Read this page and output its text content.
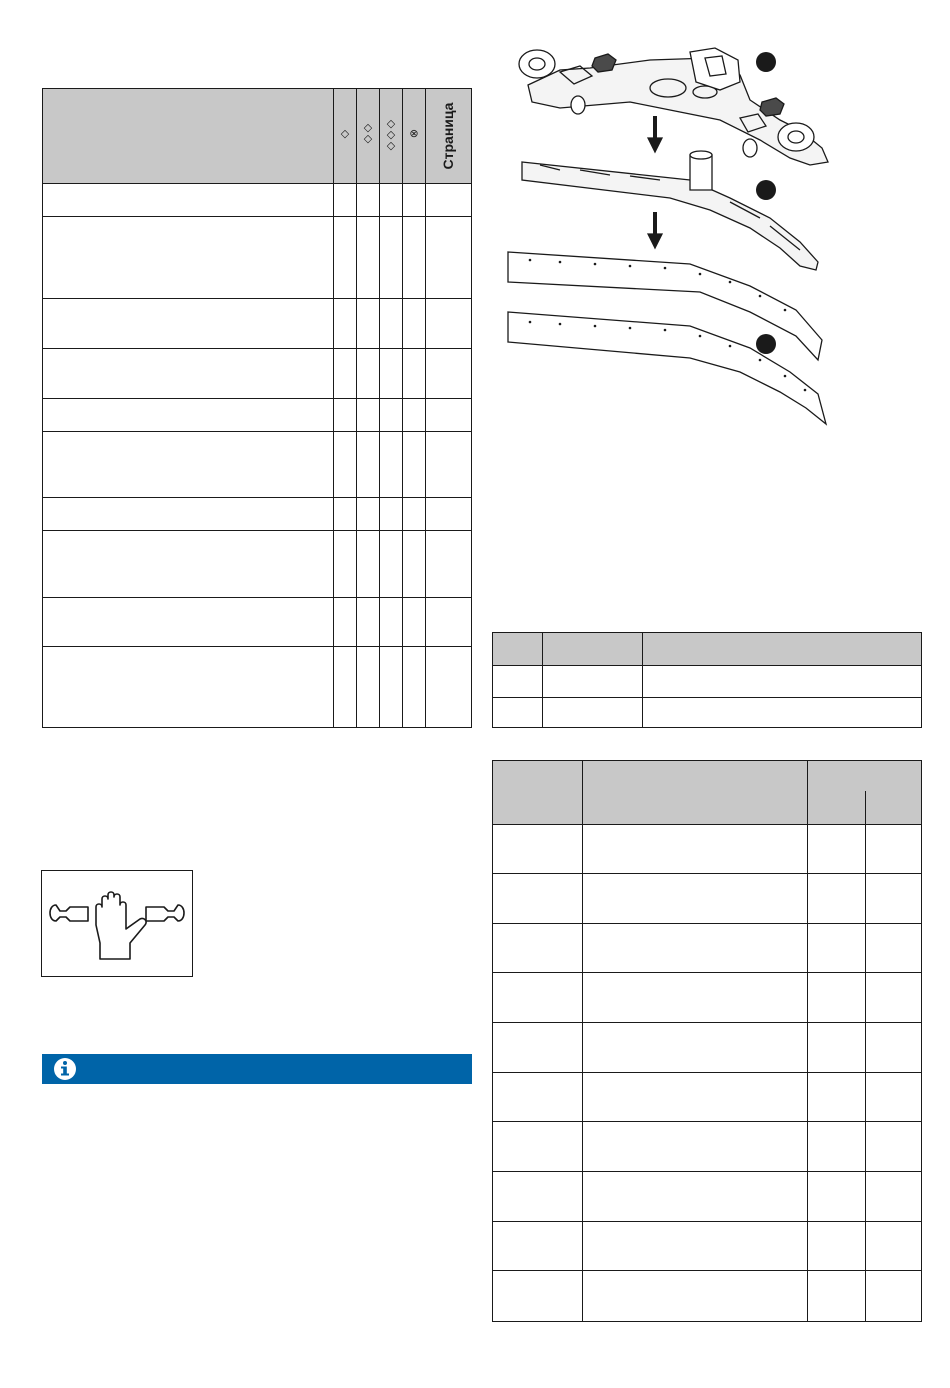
◇	◇
◇
◇
◇
◇
⊗	Страница
